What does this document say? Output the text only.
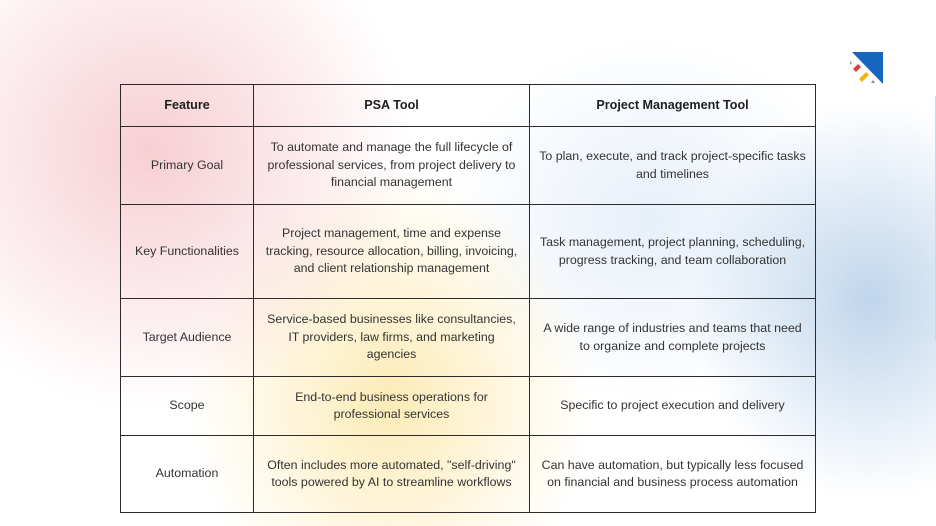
Feature	PSA Tool	Project Management Tool
Primary Goal	To automate and manage the full lifecycle of professional services, from project delivery to financial management	To plan, execute, and track project-specific tasks and timelines
Key Functionalities	Project management, time and expense tracking, resource allocation, billing, invoicing, and client relationship management	Task management, project planning, scheduling, progress tracking, and team collaboration
Target Audience	Service-based businesses like consultancies, IT providers, law firms, and marketing agencies	A wide range of industries and teams that need to organize and complete projects
Scope	End-to-end business operations for professional services	Specific to project execution and delivery
Automation	Often includes more automated, "self-driving" tools powered by AI to streamline workflows	Can have automation, but typically less focused on financial and business process automation
